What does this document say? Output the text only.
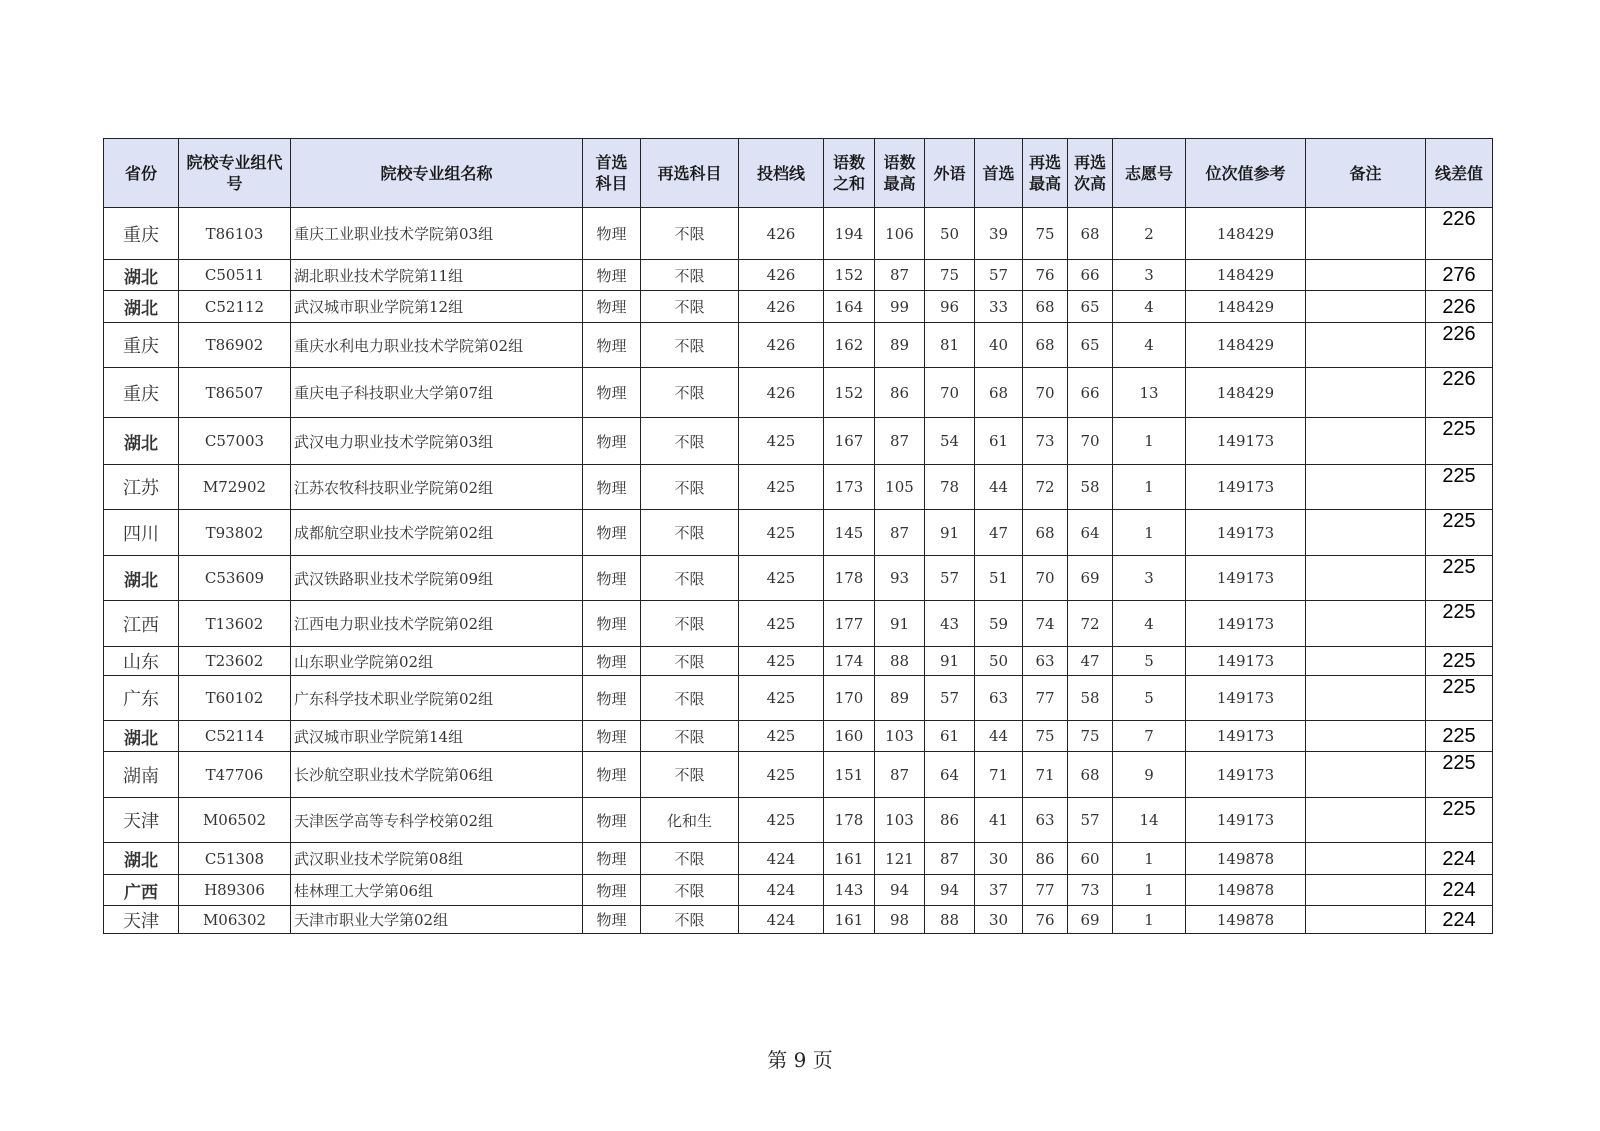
省份	院校专业组代号	院校专业组名称	首选科目	再选科目	投档线	语数之和	语数最高	外语	首选	再选最高	再选次高	志愿号	位次值参考	备注	线差值
重庆	T86103	重庆工业职业技术学院第03组	物理	不限	426	194	106	50	39	75	68	2	148429		226
湖北	C50511	湖北职业技术学院第11组	物理	不限	426	152	87	75	57	76	66	3	148429		276
湖北	C52112	武汉城市职业学院第12组	物理	不限	426	164	99	96	33	68	65	4	148429		226
重庆	T86902	重庆水利电力职业技术学院第02组	物理	不限	426	162	89	81	40	68	65	4	148429		226
重庆	T86507	重庆电子科技职业大学第07组	物理	不限	426	152	86	70	68	70	66	13	148429		226
湖北	C57003	武汉电力职业技术学院第03组	物理	不限	425	167	87	54	61	73	70	1	149173		225
江苏	M72902	江苏农牧科技职业学院第02组	物理	不限	425	173	105	78	44	72	58	1	149173		225
四川	T93802	成都航空职业技术学院第02组	物理	不限	425	145	87	91	47	68	64	1	149173		225
湖北	C53609	武汉铁路职业技术学院第09组	物理	不限	425	178	93	57	51	70	69	3	149173		225
江西	T13602	江西电力职业技术学院第02组	物理	不限	425	177	91	43	59	74	72	4	149173		225
山东	T23602	山东职业学院第02组	物理	不限	425	174	88	91	50	63	47	5	149173		225
广东	T60102	广东科学技术职业学院第02组	物理	不限	425	170	89	57	63	77	58	5	149173		225
湖北	C52114	武汉城市职业学院第14组	物理	不限	425	160	103	61	44	75	75	7	149173		225
湖南	T47706	长沙航空职业技术学院第06组	物理	不限	425	151	87	64	71	71	68	9	149173		225
天津	M06502	天津医学高等专科学校第02组	物理	化和生	425	178	103	86	41	63	57	14	149173		225
湖北	C51308	武汉职业技术学院第08组	物理	不限	424	161	121	87	30	86	60	1	149878		224
广西	H89306	桂林理工大学第06组	物理	不限	424	143	94	94	37	77	73	1	149878		224
天津	M06302	天津市职业大学第02组	物理	不限	424	161	98	88	30	76	69	1	149878		224
第 9 页
